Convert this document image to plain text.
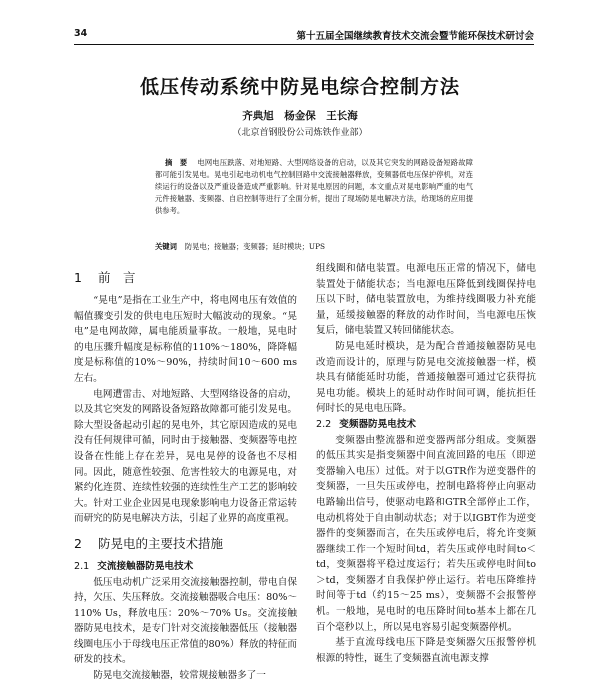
34	第十五届全国继续教育技术交流会暨节能环保技术研讨会
低压传动系统中防晃电综合控制方法
齐典旭　杨金保　王长海
（北京首钢股份公司炼铁作业部）
摘　要 电网电压跌落、对地短路、大型网络设备的启动，以及其它突发的网路设备短路故障都可能引发晃电。晃电引起电动机电气控制回路中交流接触器释放，变频器低电压保护停机，对连续运行的设备以及严重设备造成严重影响。针对晃电原因的问题，本文重点对晃电影响严重的电气元件接触器、变频器、自启控制等进行了全面分析，提出了现场防晃电解决方法，给现场的应用提供参考。
关键词 防晃电；接触器；变频器；延时模块；UPS
1 前　言

“晃电”是指在工业生产中，将电网电压有效值的幅值骤变引发的供电电压短时大幅波动的现象。“晃电”是电网故障，属电能质量事故。一般地，晃电时的电压骤升幅度是标称值的110%～180%，降降幅度是标称值的10%～90%，持续时间10～600 ms左右。

电网遭雷击、对地短路、大型网络设备的启动，以及其它突发的网路设备短路故障都可能引发晃电。除大型设备起动引起的晃电外，其它原因造成的晃电没有任何规律可循，同时由于接触器、变频器等电控设备在性能上存在差异，晃电晃停的设备也不尽相同。因此，随意性较强、危害性较大的电源晃电，对紧约化连贯、连续性较强的连续性生产工艺的影响较大。针对工业企业因晃电现象影响电力设备正常运转而研究的防晃电解决方法，引起了业界的高度重视。

2 防晃电的主要技术措施
2.1 交流接触器防晃电技术

低压电动机广泛采用交流接触器控制，带电自保持，欠压、失压释放。交流接触器吸合电压：80%～110% Us，释放电压：20%～70% Us。交流接触器防晃电技术，是专门针对交流接触器低压（接触器线圈电压小于母线电压正常值的80%）释放的特征而研发的技术。

防晃电交流接触器，较常规接触器多了一

组线圈和储电装置。电源电压正常的情况下，储电装置处于储能状态；当电源电压降低到线圈保持电压以下时，储电装置放电，为维持线圈吸力补充能量，延缓接触器的释放的动作时间，当电源电压恢复后，储电装置又转回储能状态。

防晃电延时模块，是为配合普通接触器防晃电改造而设计的，原理与防晃电交流接触器一样，模块具有储能延时功能，普通接触器可通过它获得抗晃电功能。模块上的延时动作时间可调，能抗拒任何时长的晃电电压降。

2.2 变频器防晃电技术

变频器由整流器和逆变器两部分组成。变频器的低压其实是指变频器中间直流回路的电压（即逆变器输入电压）过低。对于以GTR作为逆变器件的变频器，一旦失压或停电，控制电路将停止向驱动电路输出信号，使驱动电路和GTR全部停止工作，电动机将处于自由制动状态；对于以IGBT作为逆变器件的变频器而言，在失压或停电后，将允许变频器继续工作一个短时间td，若失压或停电时间to＜td，变频器将平稳过度运行；若失压或停电时间to＞td，变频器才自我保护停止运行。若电压降维持时间等于td（约15～25 ms），变频器不会报警停机。一般地，晃电时的电压降时间to基本上都在几百个毫秒以上，所以晃电容易引起变频器停机。

基于直流母线电压下降是变频器欠压报警停机根源的特性，诞生了变频器直流电源支撑
